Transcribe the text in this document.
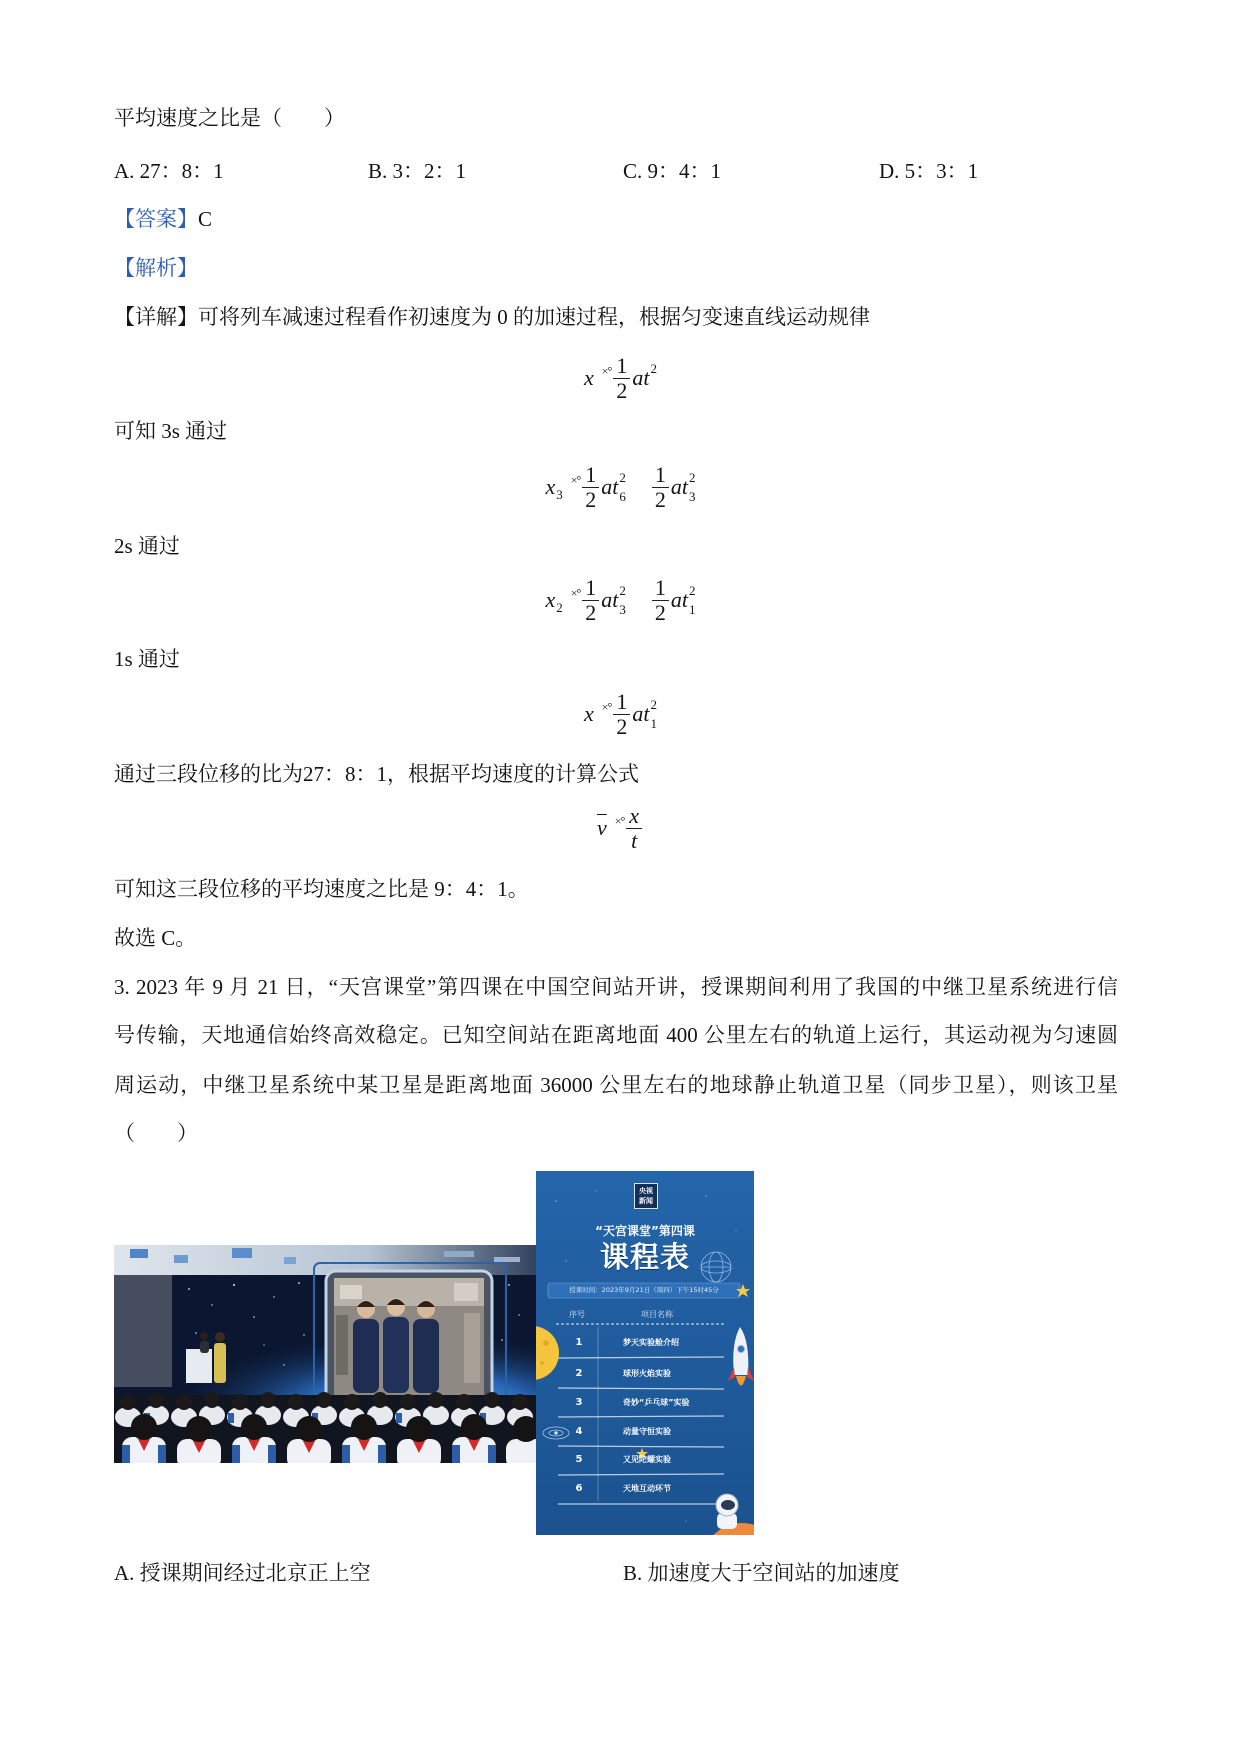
平均速度之比是（　　）
A. 27：8：1	B. 3：2：1	C. 9：4：1	D. 5：3：1
【答案】C
【解析】
【详解】可将列车减速过程看作初速度为 0 的加速过程，根据匀变速直线运动规律
x ×° $\frac{1}{2}$ at 2
可知 3s 通过
x 3
×° $\frac{1}{2}$ at 2
$6 \frac{1}{2}$ at 2
3
2s 通过
x 2
×° $\frac{1}{2}$ at 2
$3 \frac{1}{2}$ at 2
1
1s 通过
x ×° $\frac{1}{2}$ at 2
1
通过三段位移的比为27：8：1，根据平均速度的计算公式
$\overline{v}$ ×° $\frac{x}{t}$
可知这三段位移的平均速度之比是 9：4：1。
故选 C。
3. 2023 年 9 月 21 日，“天宫课堂”第四课在中国空间站开讲，授课期间利用了我国的中继卫星系统进行信
号传输，天地通信始终高效稳定。已知空间站在距离地面 400 公里左右的轨道上运行，其运动视为匀速圆
周运动，中继卫星系统中某卫星是距离地面 36000 公里左右的地球静止轨道卫星（同步卫星），则该卫星
（　　）
央视
新闻
“天宫课堂”第四课
课程表
授课时间：2023年9月21日（周四）下午15时45分
序号	项目名称
1	梦天实验舱介绍
2	球形火焰实验
3	奇妙“乒乓球”实验
4	动量守恒实验
5	又见陀螺实验
6	天地互动环节
A. 授课期间经过北京正上空	B. 加速度大于空间站的加速度
